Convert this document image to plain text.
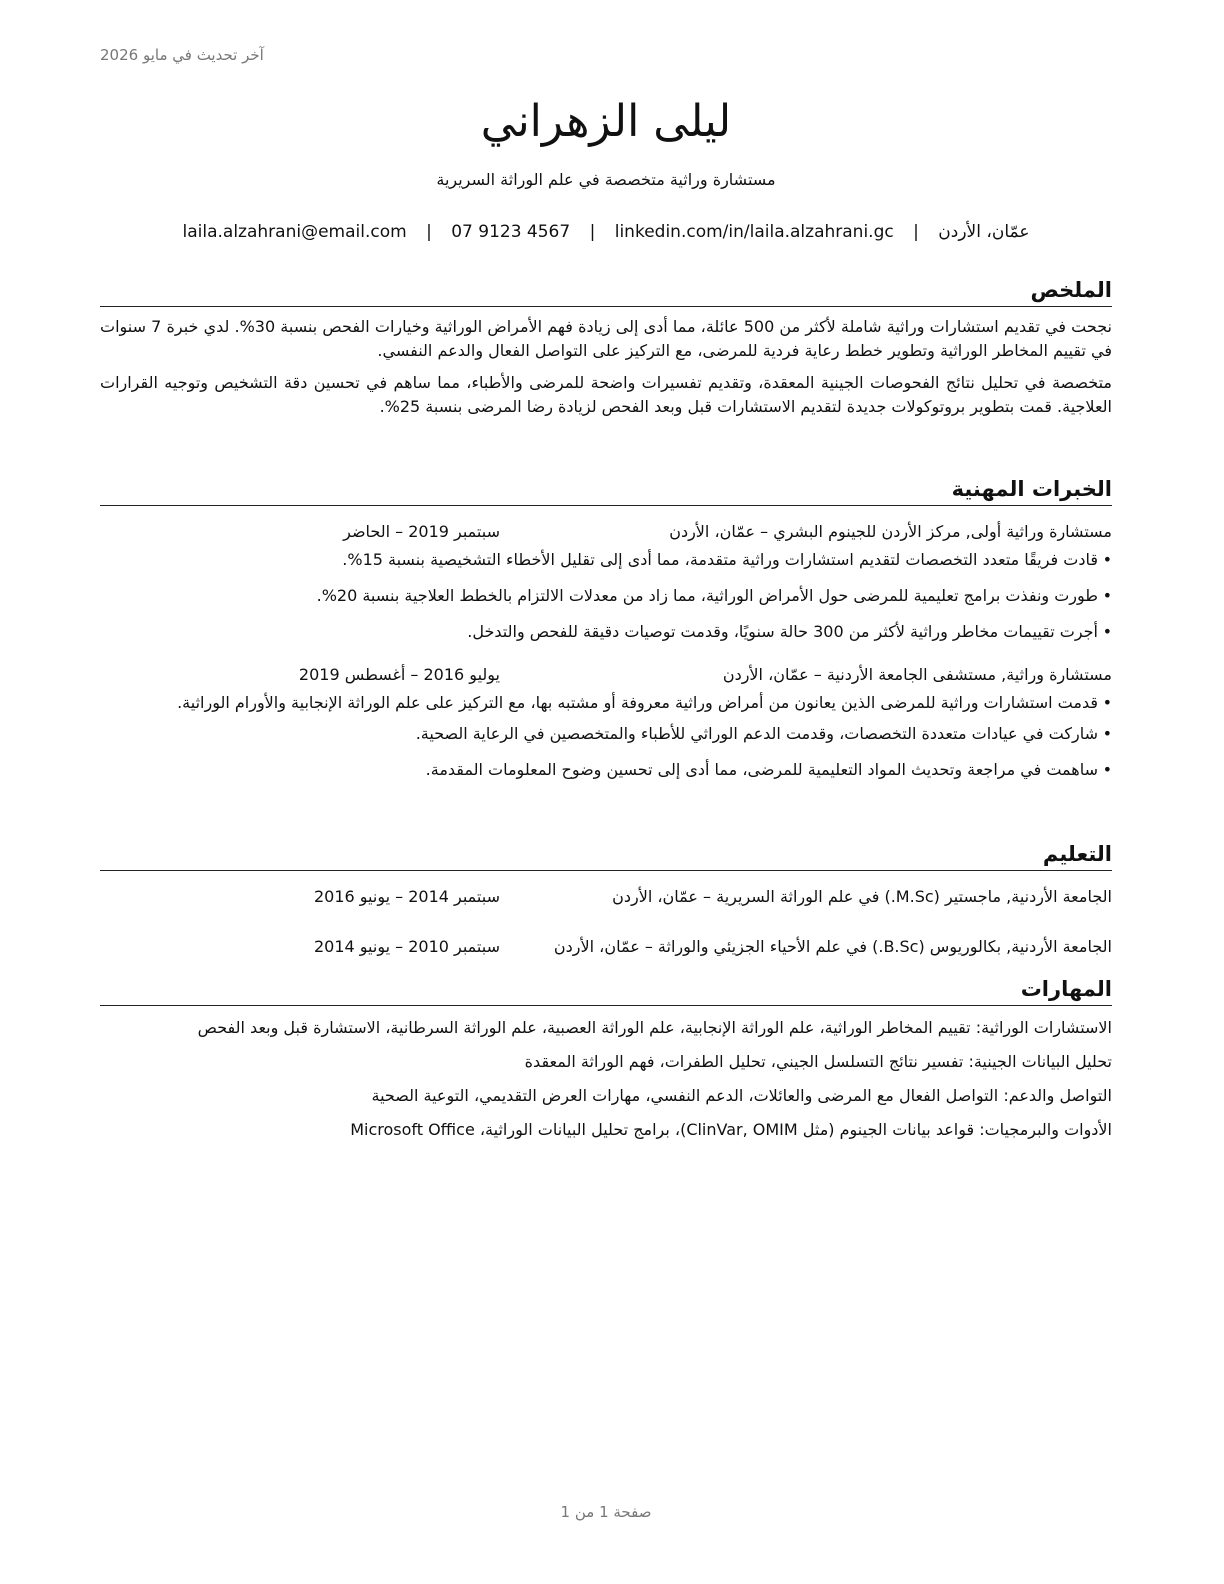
آخر تحديث في مايو 2026
ليلى الزهراني

مستشارة وراثية متخصصة في علم الوراثة السريرية

عمّان، الأردن | laila.alzahrani@email.com | 07 9123 4567 | linkedin.com/in/laila.alzahrani.gc
الملخص

نجحت في تقديم استشارات وراثية شاملة لأكثر من 500 عائلة، مما أدى إلى زيادة فهم الأمراض الوراثية وخيارات الفحص بنسبة 30%. لدي خبرة 7 سنوات في تقييم المخاطر الوراثية وتطوير خطط رعاية فردية للمرضى، مع التركيز على التواصل الفعال والدعم النفسي.

متخصصة في تحليل نتائج الفحوصات الجينية المعقدة، وتقديم تفسيرات واضحة للمرضى والأطباء، مما ساهم في تحسين دقة التشخيص وتوجيه القرارات العلاجية. قمت بتطوير بروتوكولات جديدة لتقديم الاستشارات قبل وبعد الفحص لزيادة رضا المرضى بنسبة 25%.

الخبرات المهنية
مستشارة وراثية أولى, مركز الأردن للجينوم البشري – عمّان، الأردن
سبتمبر 2019 – الحاضر
• قادت فريقًا متعدد التخصصات لتقديم استشارات وراثية متقدمة، مما أدى إلى تقليل الأخطاء التشخيصية بنسبة 15%.
• طورت ونفذت برامج تعليمية للمرضى حول الأمراض الوراثية، مما زاد من معدلات الالتزام بالخطط العلاجية بنسبة 20%.
• أجرت تقييمات مخاطر وراثية لأكثر من 300 حالة سنويًا، وقدمت توصيات دقيقة للفحص والتدخل.
مستشارة وراثية, مستشفى الجامعة الأردنية – عمّان، الأردن
يوليو 2016 – أغسطس 2019
• قدمت استشارات وراثية للمرضى الذين يعانون من أمراض وراثية معروفة أو مشتبه بها، مع التركيز على علم الوراثة الإنجابية والأورام الوراثية.
• شاركت في عيادات متعددة التخصصات، وقدمت الدعم الوراثي للأطباء والمتخصصين في الرعاية الصحية.
• ساهمت في مراجعة وتحديث المواد التعليمية للمرضى، مما أدى إلى تحسين وضوح المعلومات المقدمة.
التعليم
الجامعة الأردنية, ماجستير (M.Sc.) في علم الوراثة السريرية – عمّان، الأردن
سبتمبر 2014 – يونيو 2016
الجامعة الأردنية, بكالوريوس (B.Sc.) في علم الأحياء الجزيئي والوراثة – عمّان، الأردن
سبتمبر 2010 – يونيو 2014
المهارات

الاستشارات الوراثية: تقييم المخاطر الوراثية، علم الوراثة الإنجابية، علم الوراثة العصبية، علم الوراثة السرطانية، الاستشارة قبل وبعد الفحص

تحليل البيانات الجينية: تفسير نتائج التسلسل الجيني، تحليل الطفرات، فهم الوراثة المعقدة

التواصل والدعم: التواصل الفعال مع المرضى والعائلات، الدعم النفسي، مهارات العرض التقديمي، التوعية الصحية

الأدوات والبرمجيات: قواعد بيانات الجينوم (مثل ClinVar, OMIM)، برامج تحليل البيانات الوراثية، Microsoft Office

صفحة 1 من 1
